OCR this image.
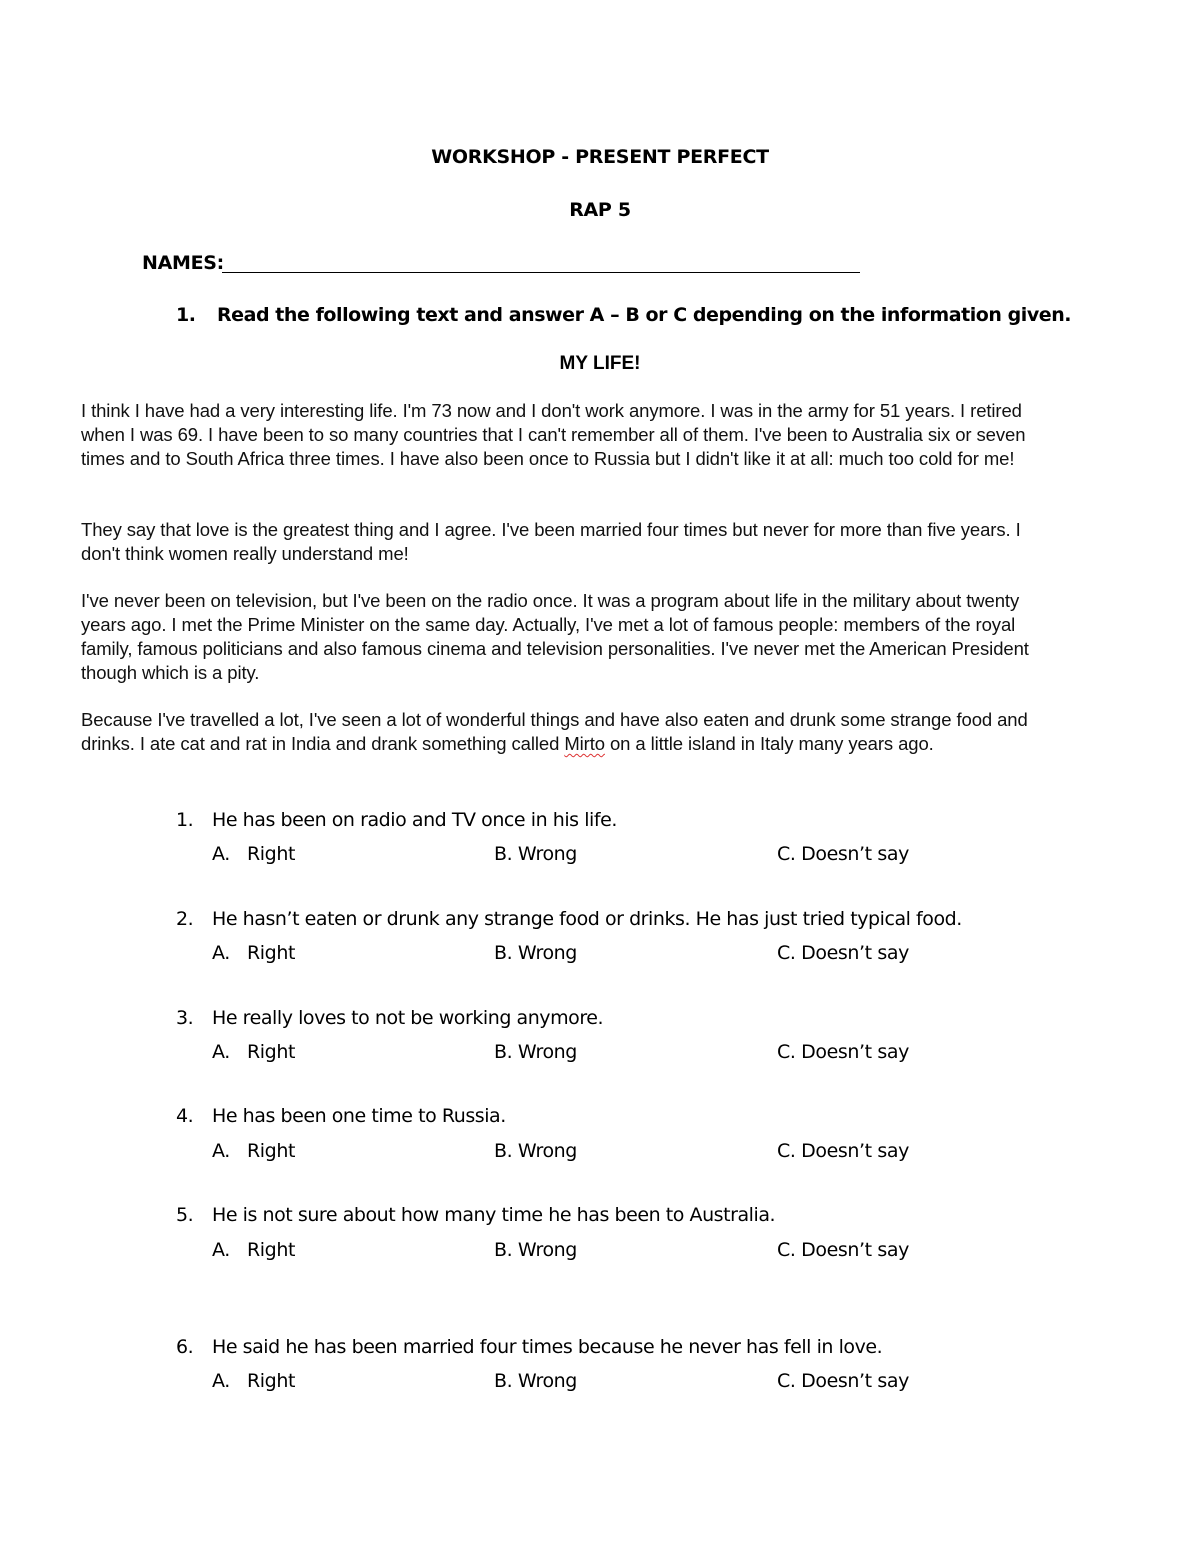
WORKSHOP - PRESENT PERFECT
RAP 5
NAMES:
1. Read the following text and answer A – B or C depending on the information given.
MY LIFE!

I think I have had a very interesting life. I'm 73 now and I don't work anymore. I was in the army for 51 years. I retired when I was 69. I have been to so many countries that I can't remember all of them. I've been to Australia six or seven times and to South Africa three times. I have also been once to Russia but I didn't like it at all: much too cold for me!

They say that love is the greatest thing and I agree. I've been married four times but never for more than five years. I don't think women really understand me!

I've never been on television, but I've been on the radio once. It was a program about life in the military about twenty years ago. I met the Prime Minister on the same day. Actually, I've met a lot of famous people: members of the royal family, famous politicians and also famous cinema and television personalities. I've never met the American President though which is a pity.

Because I've travelled a lot, I've seen a lot of wonderful things and have also eaten and drunk some strange food and drinks. I ate cat and rat in India and drank something called Mirto on a little island in Italy many years ago.

1. He has been on radio and TV once in his life.
A. Right	B. Wrong	C. Doesn’t say
2. He hasn’t eaten or drunk any strange food or drinks. He has just tried typical food.
A. Right	B. Wrong	C. Doesn’t say
3. He really loves to not be working anymore.
A. Right	B. Wrong	C. Doesn’t say
4. He has been one time to Russia.
A. Right	B. Wrong	C. Doesn’t say
5. He is not sure about how many time he has been to Australia.
A. Right	B. Wrong	C. Doesn’t say
6. He said he has been married four times because he never has fell in love.
A. Right	B. Wrong	C. Doesn’t say
